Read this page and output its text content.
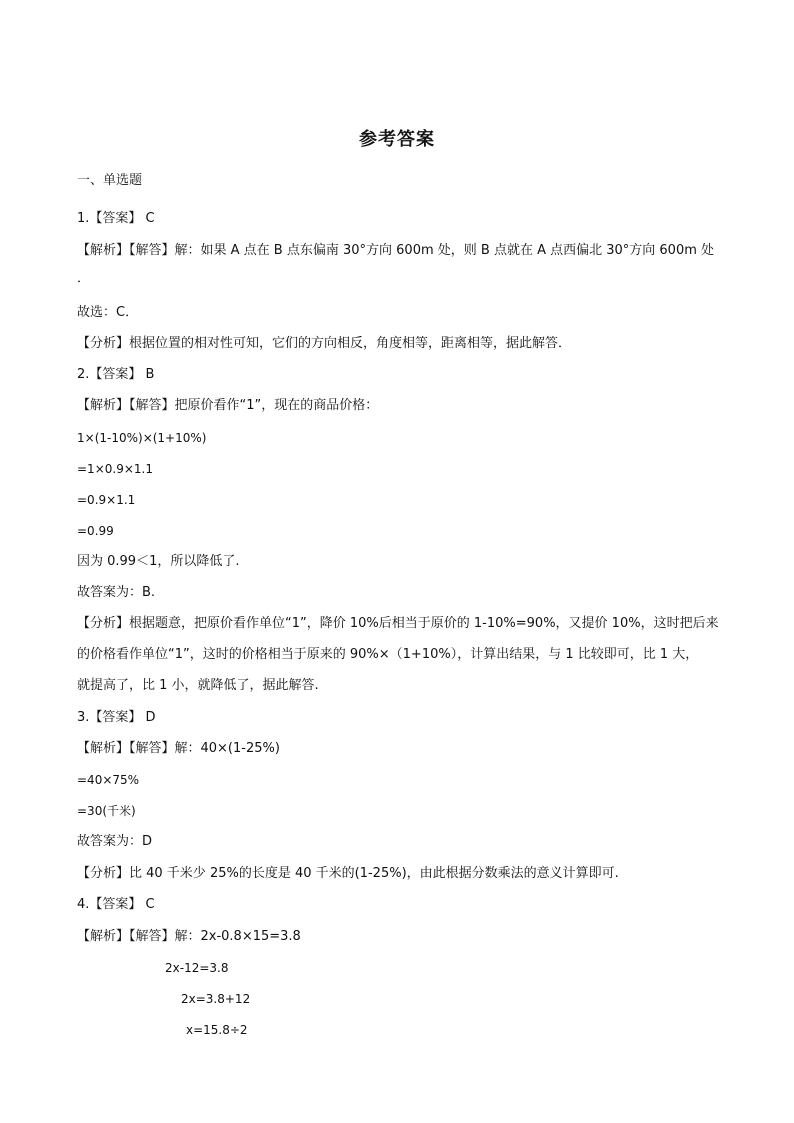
参考答案
一、单选题
1.【答案】 C
【解析】【解答】解：如果 A 点在 B 点东偏南 30°方向 600m 处，则 B 点就在 A 点西偏北 30°方向 600m 处
．
故选：C．
【分析】根据位置的相对性可知，它们的方向相反，角度相等，距离相等，据此解答．
2.【答案】 B
【解析】【解答】把原价看作“1”，现在的商品价格：
1×(1-10%)×(1+10%)
=1×0.9×1.1
=0.9×1.1
=0.99
因为 0.99＜1，所以降低了.
故答案为：B.
【分析】根据题意，把原价看作单位“1”，降价 10%后相当于原价的 1-10%=90%，又提价 10%，这时把后来
的价格看作单位“1”，这时的价格相当于原来的 90%×（1+10%），计算出结果，与 1 比较即可，比 1 大，
就提高了，比 1 小，就降低了，据此解答.
3.【答案】 D
【解析】【解答】解：40×(1-25%)
=40×75%
=30(千米)
故答案为：D
【分析】比 40 千米少 25%的长度是 40 千米的(1-25%)，由此根据分数乘法的意义计算即可.
4.【答案】 C
【解析】【解答】解：2x-0.8×15=3.8
2x-12=3.8
2x=3.8+12
x=15.8÷2
